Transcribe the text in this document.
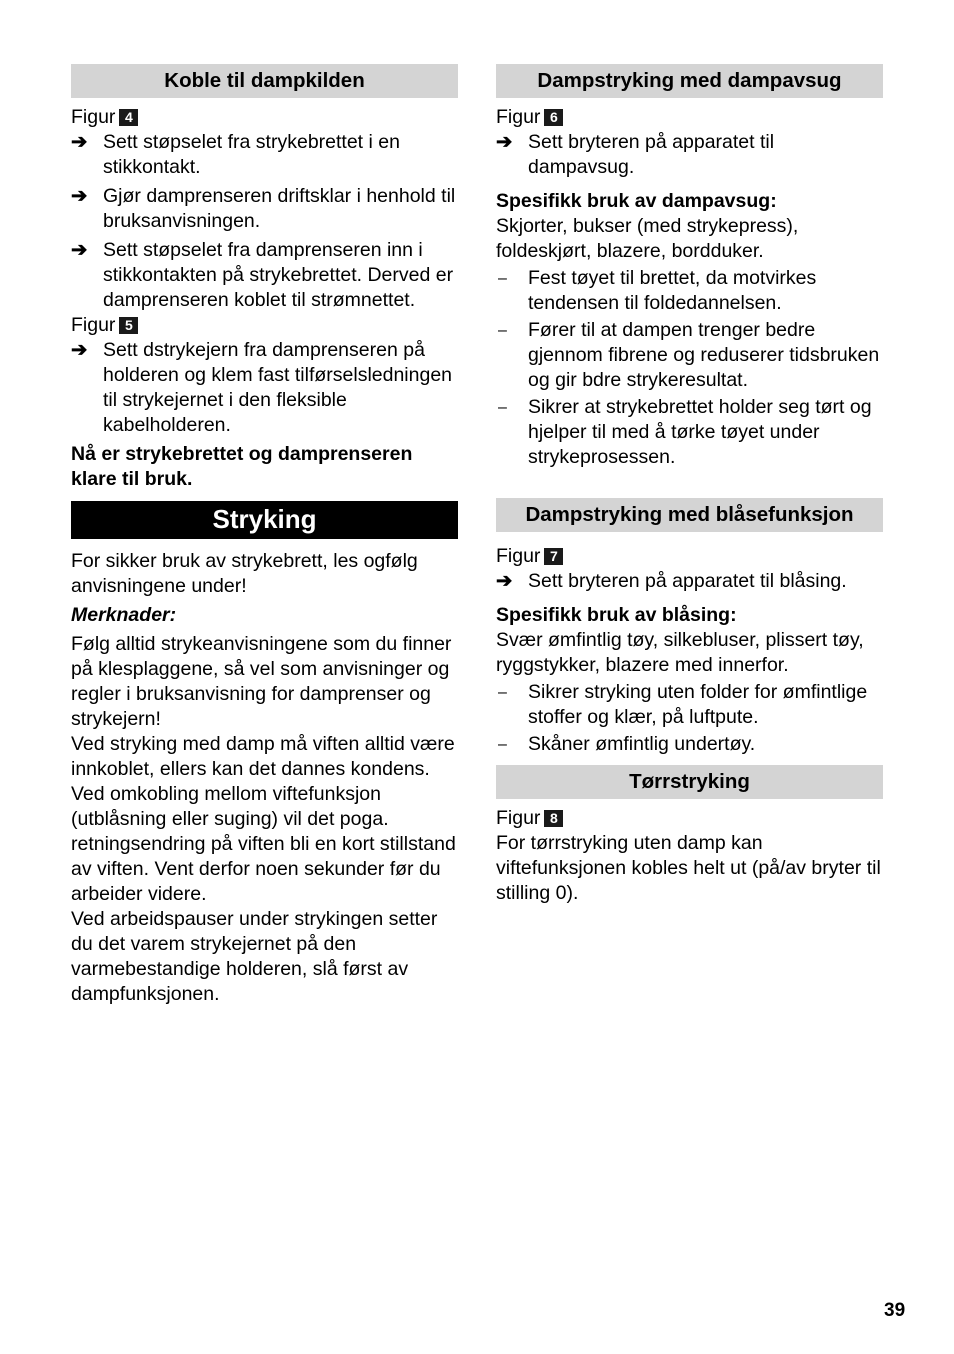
Koble til dampkilden
Figur 4
➔ Sett støpselet fra strykebrettet i en stikkontakt.
➔ Gjør damprenseren driftsklar i henhold til bruksanvisningen.
➔ Sett støpselet fra damprenseren inn i stikkontakten på strykebrettet. Derved er damprenseren koblet til strømnettet.
Figur 5
➔ Sett dstrykejern fra damprenseren på holderen og klem fast tilførselsledningen til strykejernet i den fleksible kabelholderen.

Nå er strykebrettet og damprenseren klare til bruk.

Stryking

For sikker bruk av strykebrett, les ogfølg anvisningene under!

Merknader:

Følg alltid strykeanvisningene som du finner på klesplaggene, så vel som anvisninger og regler i bruksanvisning for damprenser og strykejern!

Ved stryking med damp må viften alltid være innkoblet, ellers kan det dannes kondens.

Ved omkobling mellom viftefunksjon (utblåsning eller suging) vil det poga. retningsendring på viften bli en kort stillstand av viften. Vent derfor noen sekunder før du arbeider videre.

Ved arbeidspauser under strykingen setter du det varem strykejernet på den varmebestandige holderen, slå først av dampfunksjonen.

Dampstryking med dampavsug
Figur 6
➔ Sett bryteren på apparatet til dampavsug.

Spesifikk bruk av dampavsug:

Skjorter, bukser (med strykepress), foldeskjørt, blazere, bordduker.

– Fest tøyet til brettet, da motvirkes tendensen til foldedannelsen.
– Fører til at dampen trenger bedre gjennom fibrene og reduserer tidsbruken og gir bdre strykeresultat.
– Sikrer at strykebrettet holder seg tørt og hjelper til med å tørke tøyet under strykeprosessen.
Dampstryking med blåsefunksjon
Figur 7
➔ Sett bryteren på apparatet til blåsing.

Spesifikk bruk av blåsing:

Svær ømfintlig tøy, silkebluser, plissert tøy, ryggstykker, blazere med innerfor.

– Sikrer stryking uten folder for ømfintlige stoffer og klær, på luftpute.
– Skåner ømfintlig undertøy.
Tørrstryking
Figur 8

For tørrstryking uten damp kan viftefunksjonen kobles helt ut (på/av bryter til stilling 0).

39
